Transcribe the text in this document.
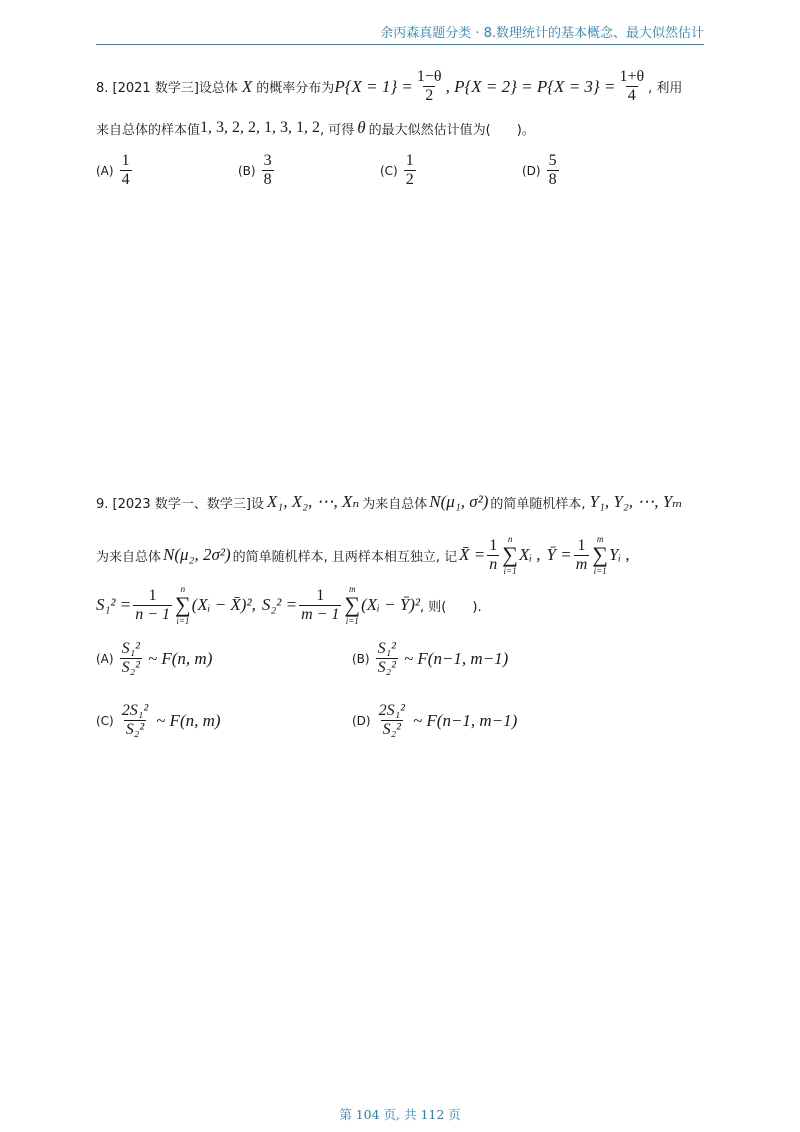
余丙森真题分类 · 8.数理统计的基本概念、最大似然估计
8. [2021 数学三]设总体 X 的概率分布为 $P\{X = 1\} = \frac{1-\theta}{2}$ , $P\{X = 2\} = P\{X = 3\} = \frac{1+\theta}{4}$ , 利用
来自总体的样本值 1, 3, 2, 2, 1, 3, 1, 2 , 可得 θ 的最大似然估计值为(　　)。
$(A) \frac{1}{4}$	$(B) \frac{3}{8}$	$(C) \frac{1}{2}$	$(D) \frac{5}{8}$
9. [2023 数学一、数学三]设 X₁, X₂, ⋯, Xₙ 为来自总体 N(μ₁, σ²) 的简单随机样本, Y₁, Y₂, ⋯, Yₘ
为来自总体 N(μ₂, 2σ²) 的简单随机样本, 且两样本相互独立, 记 X̄ = $\frac{1}{n}$ n
∑
i=1
Xᵢ , Ȳ = $\frac{1}{m}$ m
∑
i=1
Yᵢ ,
$S_1^2 = \frac{1}{n - 1}$ n
∑
i=1
(Xᵢ − X̄)², $S_2^2 = \frac{1}{m - 1}$ m
∑
i=1
(Xᵢ − Ȳ)² , 则(　　).
$(A) \frac{\text{S₁²}}{\text{S₂²}}$ ~ F(n, m)	$(B) \frac{\text{S₁²}}{\text{S₂²}}$ ~ F(n−1, m−1)
$(C) \frac{\text{2S₁²}}{\text{S₂²}}$ ~ F(n, m)	$(D) \frac{\text{2S₁²}}{\text{S₂²}}$ ~ F(n−1, m−1)
第 104 页, 共 112 页
